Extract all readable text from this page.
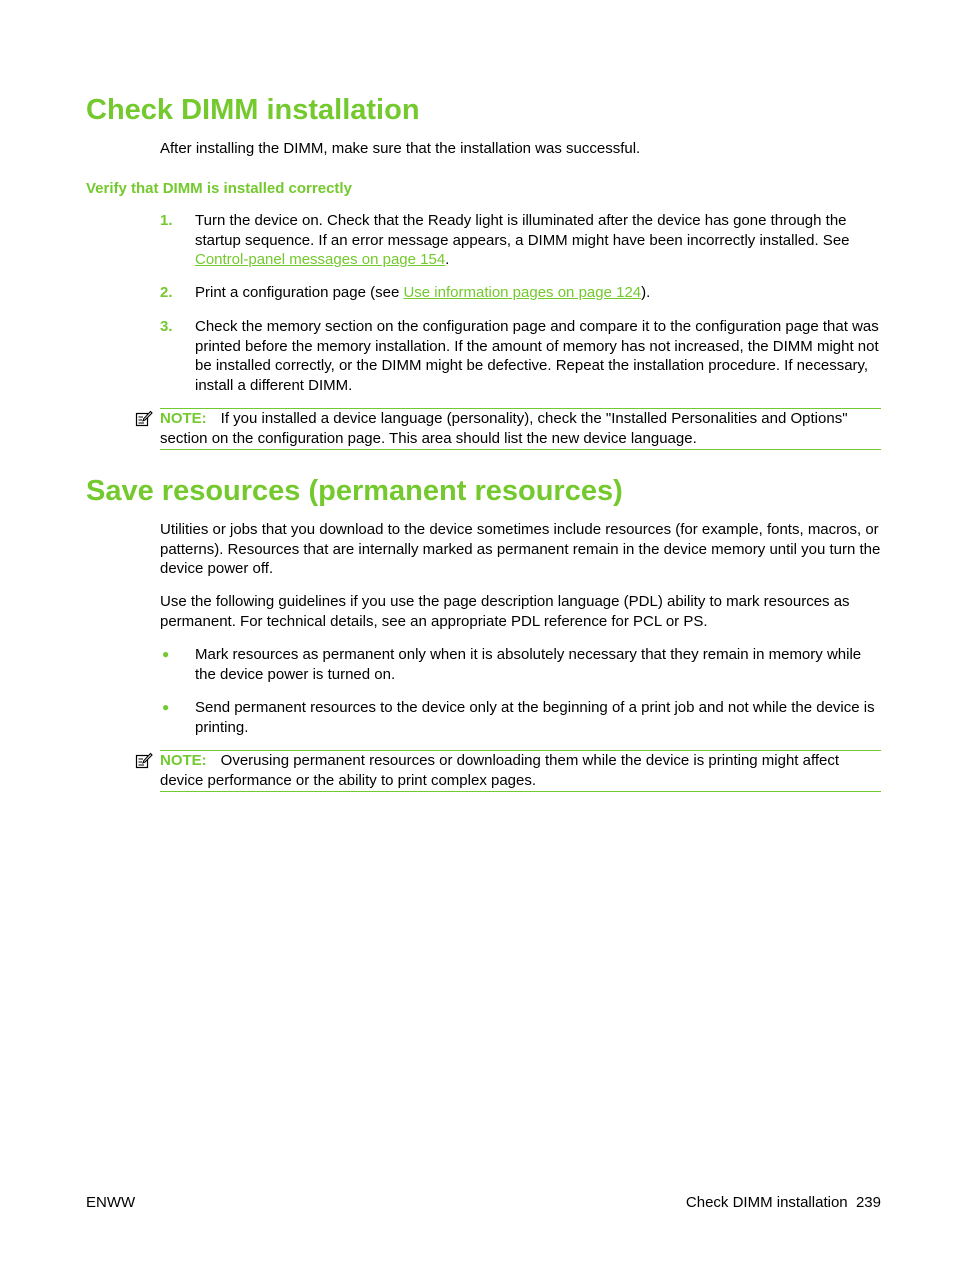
Check DIMM installation
After installing the DIMM, make sure that the installation was successful.
Verify that DIMM is installed correctly
1. Turn the device on. Check that the Ready light is illuminated after the device has gone through the startup sequence. If an error message appears, a DIMM might have been incorrectly installed. See Control-panel messages on page 154.
2. Print a configuration page (see Use information pages on page 124).
3. Check the memory section on the configuration page and compare it to the configuration page that was printed before the memory installation. If the amount of memory has not increased, the DIMM might not be installed correctly, or the DIMM might be defective. Repeat the installation procedure. If necessary, install a different DIMM.
NOTE: If you installed a device language (personality), check the "Installed Personalities and Options" section on the configuration page. This area should list the new device language.
Save resources (permanent resources)
Utilities or jobs that you download to the device sometimes include resources (for example, fonts, macros, or patterns). Resources that are internally marked as permanent remain in the device memory until you turn the device power off.
Use the following guidelines if you use the page description language (PDL) ability to mark resources as permanent. For technical details, see an appropriate PDL reference for PCL or PS.
● Mark resources as permanent only when it is absolutely necessary that they remain in memory while the device power is turned on.
● Send permanent resources to the device only at the beginning of a print job and not while the device is printing.
NOTE: Overusing permanent resources or downloading them while the device is printing might affect device performance or the ability to print complex pages.
ENWW	Check DIMM installation 239
